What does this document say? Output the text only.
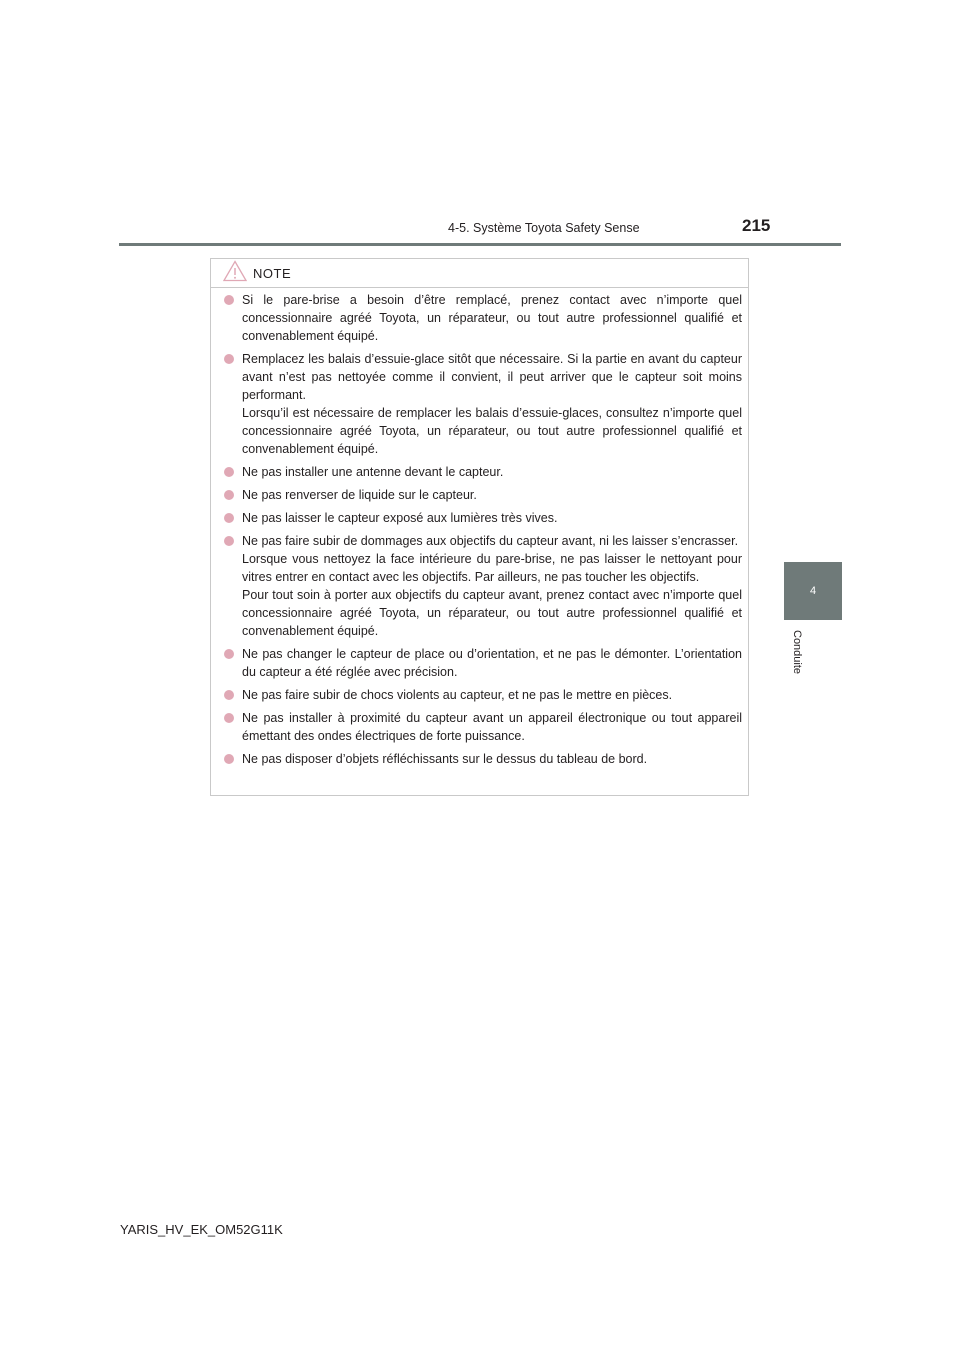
4-5. Système Toyota Safety Sense	215
4
Conduite
NOTE
Si le pare-brise a besoin d’être remplacé, prenez contact avec n’importe quel concessionnaire agréé Toyota, un réparateur, ou tout autre professionnel qualifié et convenablement équipé.
Remplacez les balais d’essuie-glace sitôt que nécessaire. Si la partie en avant du capteur avant n’est pas nettoyée comme il convient, il peut arriver que le capteur soit moins performant.
Lorsqu’il est nécessaire de remplacer les balais d’essuie-glaces, consultez n’importe quel concessionnaire agréé Toyota, un réparateur, ou tout autre professionnel qualifié et convenablement équipé.
Ne pas installer une antenne devant le capteur.
Ne pas renverser de liquide sur le capteur.
Ne pas laisser le capteur exposé aux lumières très vives.
Ne pas faire subir de dommages aux objectifs du capteur avant, ni les laisser s’encrasser.
Lorsque vous nettoyez la face intérieure du pare-brise, ne pas laisser le nettoyant pour vitres entrer en contact avec les objectifs. Par ailleurs, ne pas toucher les objectifs.
Pour tout soin à porter aux objectifs du capteur avant, prenez contact avec n’importe quel concessionnaire agréé Toyota, un réparateur, ou tout autre professionnel qualifié et convenablement équipé.
Ne pas changer le capteur de place ou d’orientation, et ne pas le démonter. L’orientation du capteur a été réglée avec précision.
Ne pas faire subir de chocs violents au capteur, et ne pas le mettre en pièces.
Ne pas installer à proximité du capteur avant un appareil électronique ou tout appareil émettant des ondes électriques de forte puissance.
Ne pas disposer d’objets réfléchissants sur le dessus du tableau de bord.
YARIS_HV_EK_OM52G11K
